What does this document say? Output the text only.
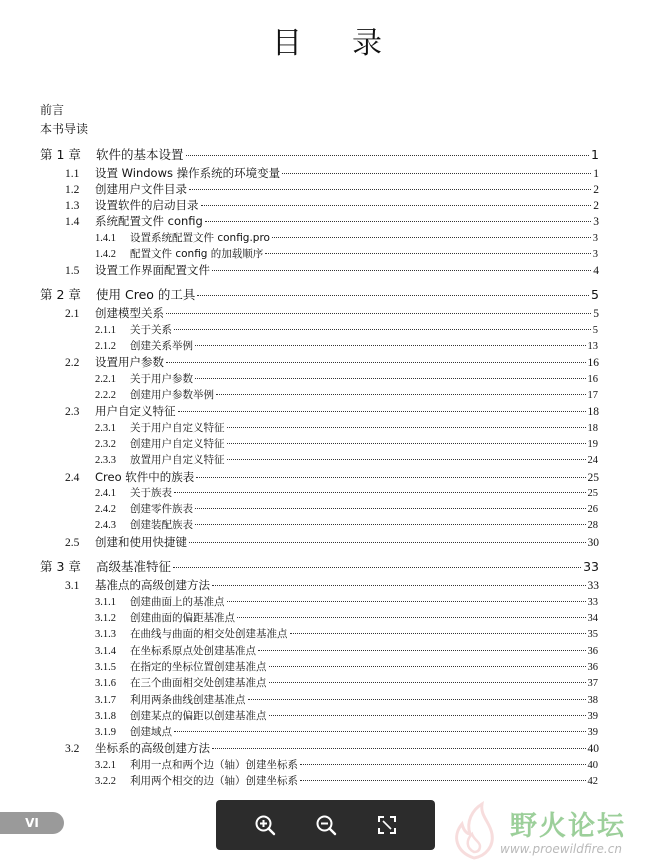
目 录
前言
本书导读
第 1 章	软件的基本设置	1
1.1	设置 Windows 操作系统的环境变量	1
1.2	创建用户文件目录	2
1.3	设置软件的启动目录	2
1.4	系统配置文件 config	3
1.4.1	设置系统配置文件 config.pro	3
1.4.2	配置文件 config 的加载顺序	3
1.5	设置工作界面配置文件	4
第 2 章	使用 Creo 的工具	5
2.1	创建模型关系	5
2.1.1	关于关系	5
2.1.2	创建关系举例	13
2.2	设置用户参数	16
2.2.1	关于用户参数	16
2.2.2	创建用户参数举例	17
2.3	用户自定义特征	18
2.3.1	关于用户自定义特征	18
2.3.2	创建用户自定义特征	19
2.3.3	放置用户自定义特征	24
2.4	Creo 软件中的族表	25
2.4.1	关于族表	25
2.4.2	创建零件族表	26
2.4.3	创建装配族表	28
2.5	创建和使用快捷键	30
第 3 章	高级基准特征	33
3.1	基准点的高级创建方法	33
3.1.1	创建曲面上的基准点	33
3.1.2	创建曲面的偏距基准点	34
3.1.3	在曲线与曲面的相交处创建基准点	35
3.1.4	在坐标系原点处创建基准点	36
3.1.5	在指定的坐标位置创建基准点	36
3.1.6	在三个曲面相交处创建基准点	37
3.1.7	利用两条曲线创建基准点	38
3.1.8	创建某点的偏距以创建基准点	39
3.1.9	创建域点	39
3.2	坐标系的高级创建方法	40
3.2.1	利用一点和两个边（轴）创建坐标系	40
3.2.2	利用两个相交的边（轴）创建坐标系	42
VI	野火论坛
www.proewildfire.cn
